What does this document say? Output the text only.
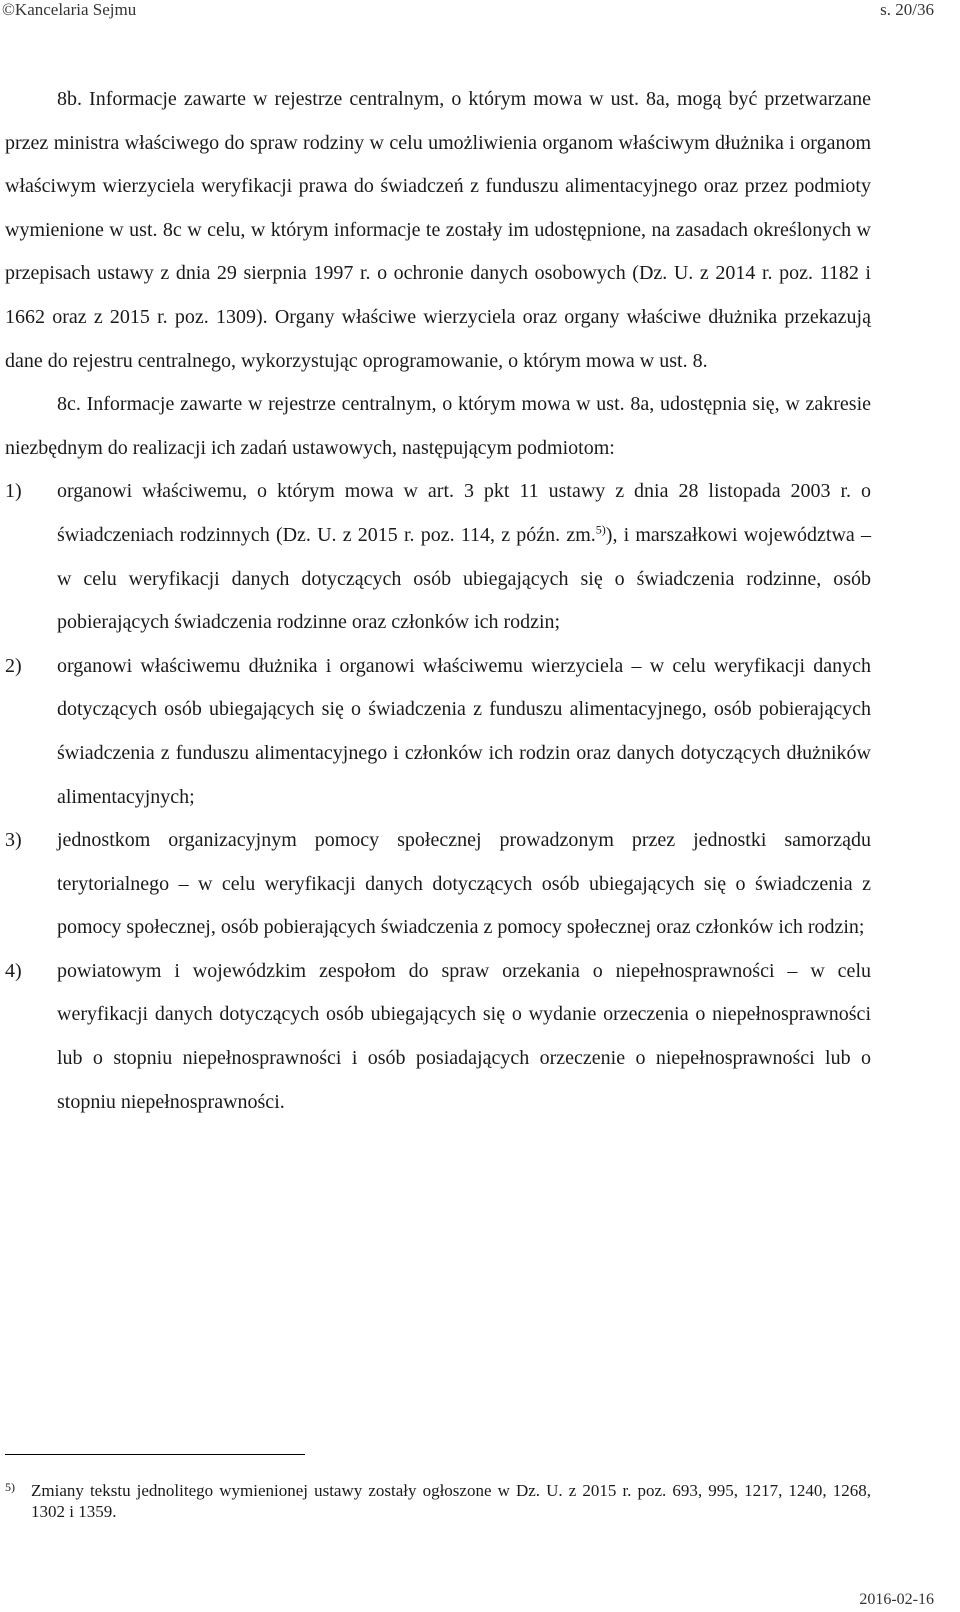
©Kancelaria Sejmu	s. 20/36

8b. Informacje zawarte w rejestrze centralnym, o którym mowa w ust. 8a, mogą być przetwarzane przez ministra właściwego do spraw rodziny w celu umożliwienia organom właściwym dłużnika i organom właściwym wierzyciela weryfikacji prawa do świadczeń z funduszu alimentacyjnego oraz przez podmioty wymienione w ust. 8c w celu, w którym informacje te zostały im udostępnione, na zasadach określonych w przepisach ustawy z dnia 29 sierpnia 1997 r. o ochronie danych osobowych (Dz. U. z 2014 r. poz. 1182 i 1662 oraz z 2015 r. poz. 1309). Organy właściwe wierzyciela oraz organy właściwe dłużnika przekazują dane do rejestru centralnego, wykorzystując oprogramowanie, o którym mowa w ust. 8.

8c. Informacje zawarte w rejestrze centralnym, o którym mowa w ust. 8a, udostępnia się, w zakresie niezbędnym do realizacji ich zadań ustawowych, następującym podmiotom:

1)	organowi właściwemu, o którym mowa w art. 3 pkt 11 ustawy z dnia 28 listopada 2003 r. o świadczeniach rodzinnych (Dz. U. z 2015 r. poz. 114, z późn. zm.$^{5)}$), i marszałkowi województwa – w celu weryfikacji danych dotyczących osób ubiegających się o świadczenia rodzinne, osób pobierających świadczenia rodzinne oraz członków ich rodzin;
2)	organowi właściwemu dłużnika i organowi właściwemu wierzyciela – w celu weryfikacji danych dotyczących osób ubiegających się o świadczenia z funduszu alimentacyjnego, osób pobierających świadczenia z funduszu alimentacyjnego i członków ich rodzin oraz danych dotyczących dłużników alimentacyjnych;
3)	jednostkom organizacyjnym pomocy społecznej prowadzonym przez jednostki samorządu terytorialnego – w celu weryfikacji danych dotyczących osób ubiegających się o świadczenia z pomocy społecznej, osób pobierających świadczenia z pomocy społecznej oraz członków ich rodzin;
4)	powiatowym i wojewódzkim zespołom do spraw orzekania o niepełnosprawności – w celu weryfikacji danych dotyczących osób ubiegających się o wydanie orzeczenia o niepełnosprawności lub o stopniu niepełnosprawności i osób posiadających orzeczenie o niepełnosprawności lub o stopniu niepełnosprawności.
5) Zmiany tekstu jednolitego wymienionej ustawy zostały ogłoszone w Dz. U. z 2015 r. poz. 693, 995, 1217, 1240, 1268, 1302 i 1359.
2016-02-16
